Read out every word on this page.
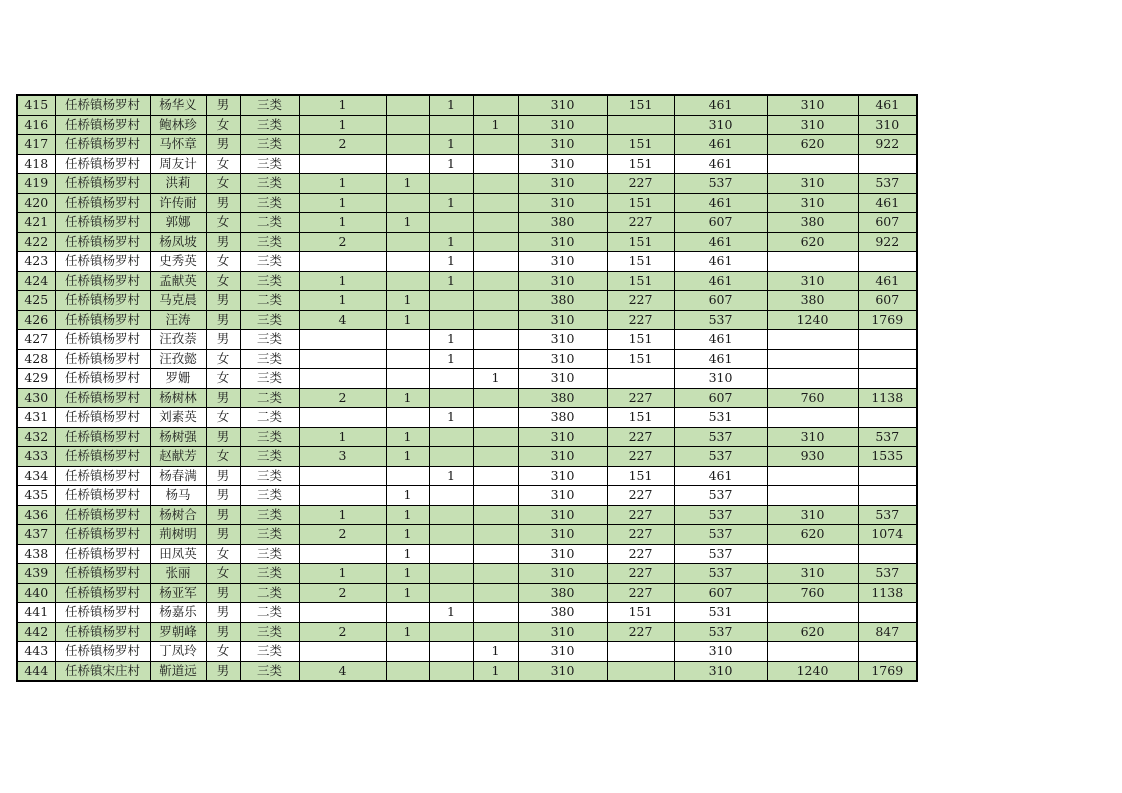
415	任桥镇杨罗村	杨华义	男	三类	1		1		310	151	461	310	461
416	任桥镇杨罗村	鲍林珍	女	三类	1			1	310		310	310	310
417	任桥镇杨罗村	马怀章	男	三类	2		1		310	151	461	620	922
418	任桥镇杨罗村	周友计	女	三类			1		310	151	461		
419	任桥镇杨罗村	洪莉	女	三类	1	1			310	227	537	310	537
420	任桥镇杨罗村	许传耐	男	三类	1		1		310	151	461	310	461
421	任桥镇杨罗村	郭娜	女	二类	1	1			380	227	607	380	607
422	任桥镇杨罗村	杨凤坡	男	三类	2		1		310	151	461	620	922
423	任桥镇杨罗村	史秀英	女	三类			1		310	151	461		
424	任桥镇杨罗村	孟献英	女	三类	1		1		310	151	461	310	461
425	任桥镇杨罗村	马克晨	男	二类	1	1			380	227	607	380	607
426	任桥镇杨罗村	汪涛	男	三类	4	1			310	227	537	1240	1769
427	任桥镇杨罗村	汪孜萘	男	三类			1		310	151	461		
428	任桥镇杨罗村	汪孜懿	女	三类			1		310	151	461		
429	任桥镇杨罗村	罗姗	女	三类				1	310		310		
430	任桥镇杨罗村	杨树林	男	二类	2	1			380	227	607	760	1138
431	任桥镇杨罗村	刘素英	女	二类			1		380	151	531		
432	任桥镇杨罗村	杨树强	男	三类	1	1			310	227	537	310	537
433	任桥镇杨罗村	赵献芳	女	三类	3	1			310	227	537	930	1535
434	任桥镇杨罗村	杨春满	男	三类			1		310	151	461		
435	任桥镇杨罗村	杨马	男	三类		1			310	227	537		
436	任桥镇杨罗村	杨树合	男	三类	1	1			310	227	537	310	537
437	任桥镇杨罗村	荊树明	男	三类	2	1			310	227	537	620	1074
438	任桥镇杨罗村	田凤英	女	三类		1			310	227	537		
439	任桥镇杨罗村	张丽	女	三类	1	1			310	227	537	310	537
440	任桥镇杨罗村	杨亚军	男	二类	2	1			380	227	607	760	1138
441	任桥镇杨罗村	杨嘉乐	男	二类			1		380	151	531		
442	任桥镇杨罗村	罗朝峰	男	三类	2	1			310	227	537	620	847
443	任桥镇杨罗村	丁凤玲	女	三类				1	310		310		
444	任桥镇宋庄村	靳道远	男	三类	4			1	310		310	1240	1769
